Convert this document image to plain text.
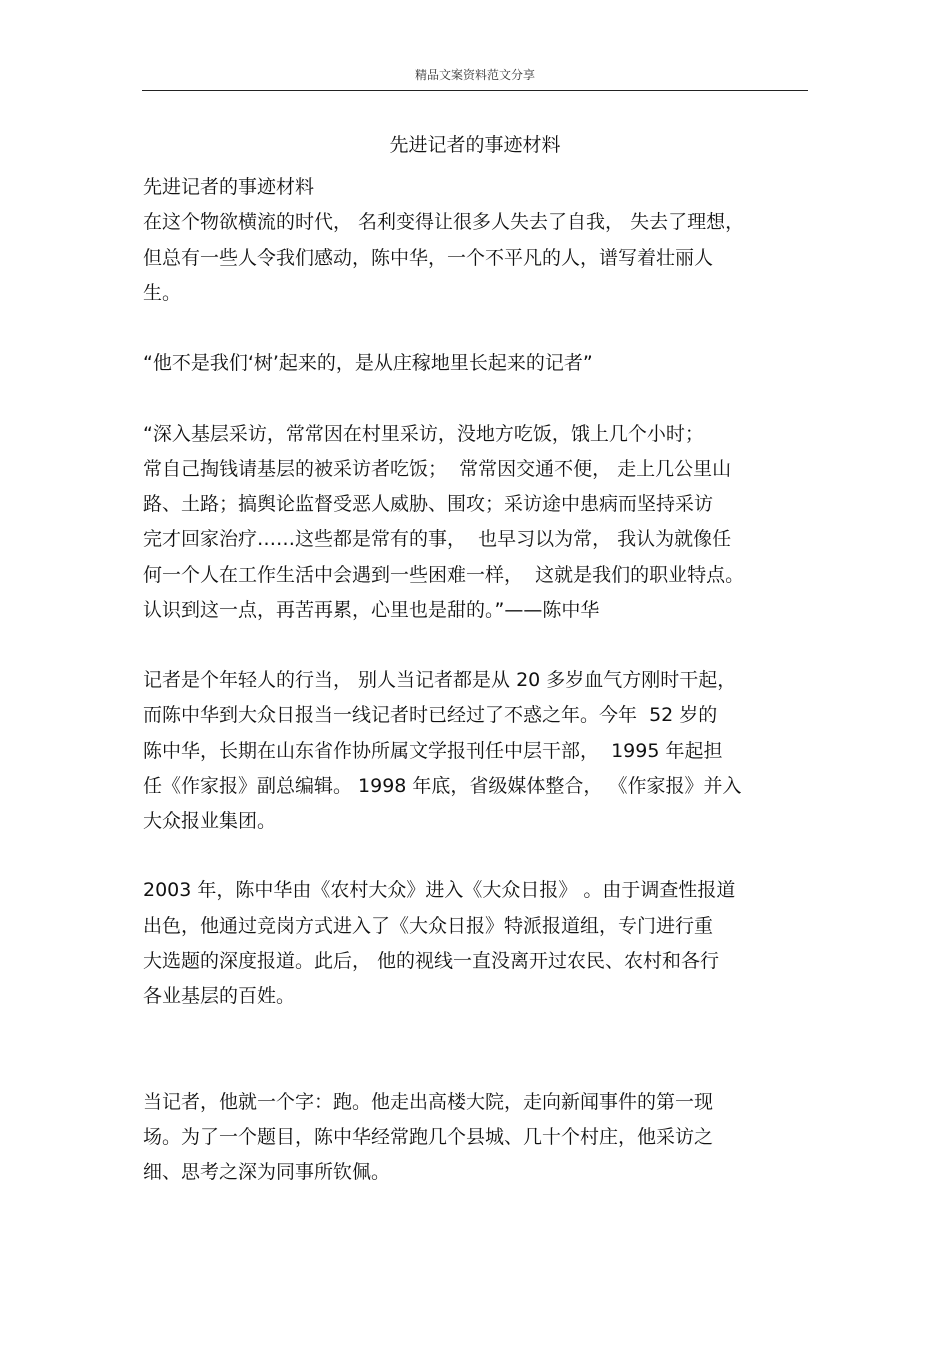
精品文案资料范文分享
先进记者的事迹材料
先进记者的事迹材料
在这个物欲横流的时代， 名利变得让很多人失去了自我， 失去了理想，
但总有一些人令我们感动，陈中华，一个不平凡的人，谱写着壮丽人
生。
“他不是我们‘树’起来的，是从庄稼地里长起来的记者”
“深入基层采访，常常因在村里采访，没地方吃饭，饿上几个小时；
常自己掏钱请基层的被采访者吃饭；  常常因交通不便， 走上几公里山
路、土路；搞舆论监督受恶人威胁、围攻；采访途中患病而坚持采访
完才回家治疗……这些都是常有的事，  也早习以为常， 我认为就像任
何一个人在工作生活中会遇到一些困难一样，  这就是我们的职业特点。
认识到这一点，再苦再累，心里也是甜的。”——陈中华
记者是个年轻人的行当， 别人当记者都是从 20 多岁血气方刚时干起，
而陈中华到大众日报当一线记者时已经过了不惑之年。今年  52 岁的
陈中华，长期在山东省作协所属文学报刊任中层干部，  1995 年起担
任《作家报》副总编辑。 1998 年底，省级媒体整合， 《作家报》并入
大众报业集团。
2003 年，陈中华由《农村大众》进入《大众日报》 。由于调查性报道
出色，他通过竞岗方式进入了《大众日报》特派报道组，专门进行重
大选题的深度报道。此后， 他的视线一直没离开过农民、农村和各行
各业基层的百姓。
当记者，他就一个字：跑。他走出高楼大院，走向新闻事件的第一现
场。为了一个题目，陈中华经常跑几个县城、几十个村庄，他采访之
细、思考之深为同事所钦佩。
